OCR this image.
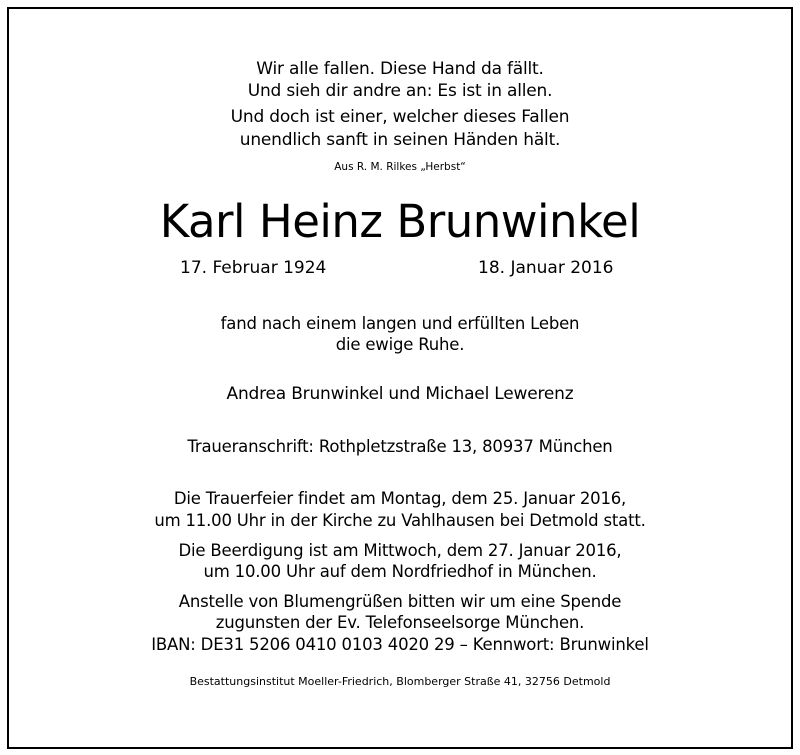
Wir alle fallen. Diese Hand da fällt.
Und sieh dir andre an: Es ist in allen.
Und doch ist einer, welcher dieses Fallen
unendlich sanft in seinen Händen hält.
Aus R. M. Rilkes „Herbst“
Karl Heinz Brunwinkel
17. Februar 1924	18. Januar 2016
fand nach einem langen und erfüllten Leben
die ewige Ruhe.
Andrea Brunwinkel und Michael Lewerenz
Traueranschrift: Rothpletzstraße 13, 80937 München
Die Trauerfeier findet am Montag, dem 25. Januar 2016,
um 11.00 Uhr in der Kirche zu Vahlhausen bei Detmold statt.
Die Beerdigung ist am Mittwoch, dem 27. Januar 2016,
um 10.00 Uhr auf dem Nordfriedhof in München.
Anstelle von Blumengrüßen bitten wir um eine Spende
zugunsten der Ev. Telefonseelsorge München.
IBAN: DE31 5206 0410 0103 4020 29 – Kennwort: Brunwinkel
Bestattungsinstitut Moeller-Friedrich, Blomberger Straße 41, 32756 Detmold
